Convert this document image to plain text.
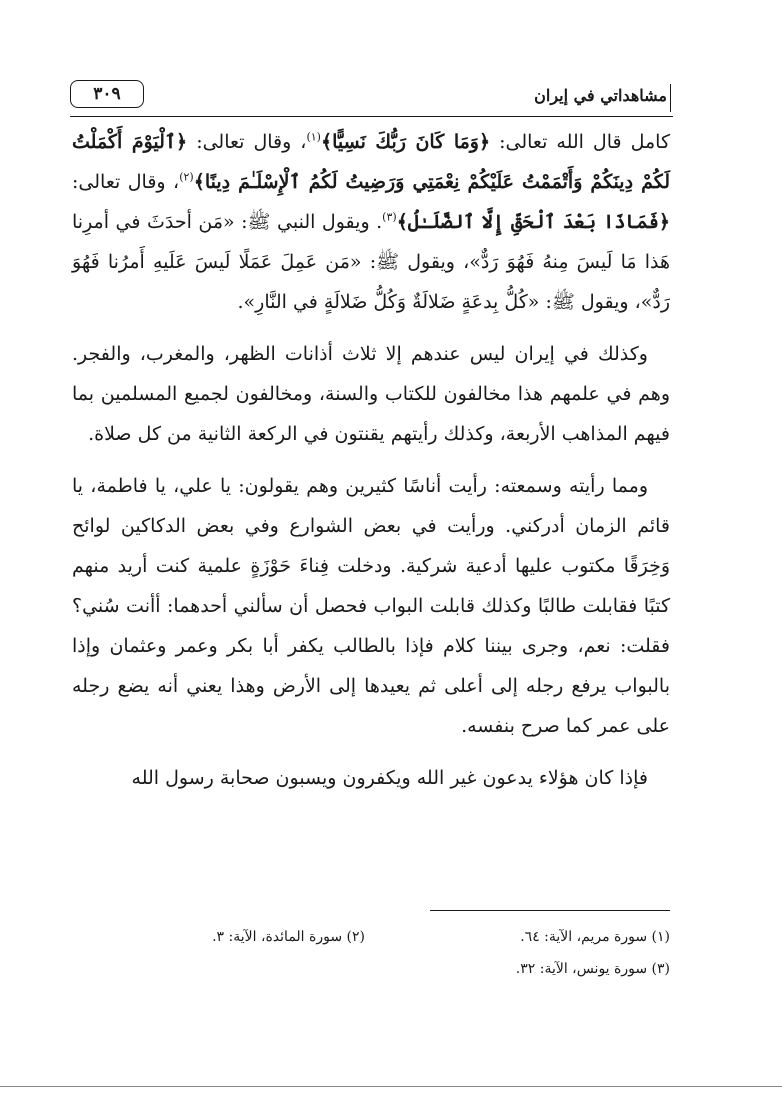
مشاهداتي في إيران
٣٠٩

كامل قال الله تعالى: ﴿وَمَا كَانَ رَبُّكَ نَسِيًّا﴾$^{(١)}$، وقال تعالى: ﴿ٱلْيَوْمَ أَكْمَلْتُ لَكُمْ دِينَكُمْ وَأَتْمَمْتُ عَلَيْكُمْ نِعْمَتِي وَرَضِيتُ لَكُمُ ٱلْإِسْلَـٰمَ دِينًا﴾$^{(٢)}$، وقال تعالى: ﴿فَمَاذَا بَعْدَ ٱلْحَقِّ إِلَّا ٱلضَّلَـٰلُ﴾$^{(٣)}$. ويقول النبي ﷺ: «مَن أحدَثَ في أمرِنا هَذا مَا لَيسَ مِنهُ فَهُوَ رَدٌّ»، ويقول ﷺ: «مَن عَمِلَ عَمَلًا لَيسَ عَلَيهِ أَمرُنا فَهُوَ رَدٌّ»، ويقول ﷺ: «كُلُّ بِدعَةٍ ضَلالَةٌ وَكُلُّ ضَلالَةٍ في النَّارِ».

وكذلك في إيران ليس عندهم إلا ثلاث أذانات الظهر، والمغرب، والفجر. وهم في علمهم هذا مخالفون للكتاب والسنة، ومخالفون لجميع المسلمين بما فيهم المذاهب الأربعة، وكذلك رأيتهم يقنتون في الركعة الثانية من كل صلاة.

ومما رأيته وسمعته: رأيت أناسًا كثيرين وهم يقولون: يا علي، يا فاطمة، يا قائم الزمان أدركني. ورأيت في بعض الشوارع وفي بعض الدكاكين لوائح وَخِرَقًا مكتوب عليها أدعية شركية. ودخلت فِناءَ حَوْزَةٍ علمية كنت أريد منهم كتبًا فقابلت طالبًا وكذلك قابلت البواب فحصل أن سألني أحدهما: أأنت سُني؟ فقلت: نعم، وجرى بيننا كلام فإذا بالطالب يكفر أبا بكر وعمر وعثمان وإذا بالبواب يرفع رجله إلى أعلى ثم يعيدها إلى الأرض وهذا يعني أنه يضع رجله على عمر كما صرح بنفسه.

فإذا كان هؤلاء يدعون غير الله ويكفرون ويسبون صحابة رسول الله

(١) سورة مريم، الآية: ٦٤.
(٢) سورة المائدة، الآية: ٣.
(٣) سورة يونس، الآية: ٣٢.
